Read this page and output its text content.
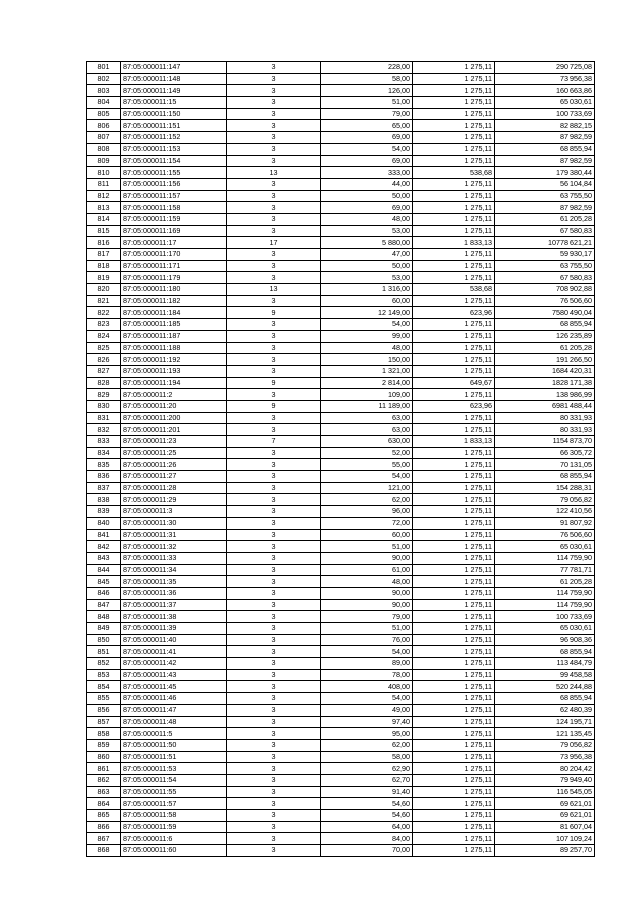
801	87:05:000011:147	3	228,00	1 275,11	290 725,08
802	87:05:000011:148	3	58,00	1 275,11	73 956,38
803	87:05:000011:149	3	126,00	1 275,11	160 663,86
804	87:05:000011:15	3	51,00	1 275,11	65 030,61
805	87:05:000011:150	3	79,00	1 275,11	100 733,69
806	87:05:000011:151	3	65,00	1 275,11	82 882,15
807	87:05:000011:152	3	69,00	1 275,11	87 982,59
808	87:05:000011:153	3	54,00	1 275,11	68 855,94
809	87:05:000011:154	3	69,00	1 275,11	87 982,59
810	87:05:000011:155	13	333,00	538,68	179 380,44
811	87:05:000011:156	3	44,00	1 275,11	56 104,84
812	87:05:000011:157	3	50,00	1 275,11	63 755,50
813	87:05:000011:158	3	69,00	1 275,11	87 982,59
814	87:05:000011:159	3	48,00	1 275,11	61 205,28
815	87:05:000011:169	3	53,00	1 275,11	67 580,83
816	87:05:000011:17	17	5 880,00	1 833,13	10778 621,21
817	87:05:000011:170	3	47,00	1 275,11	59 930,17
818	87:05:000011:171	3	50,00	1 275,11	63 755,50
819	87:05:000011:179	3	53,00	1 275,11	67 580,83
820	87:05:000011:180	13	1 316,00	538,68	708 902,88
821	87:05:000011:182	3	60,00	1 275,11	76 506,60
822	87:05:000011:184	9	12 149,00	623,96	7580 490,04
823	87:05:000011:185	3	54,00	1 275,11	68 855,94
824	87:05:000011:187	3	99,00	1 275,11	126 235,89
825	87:05:000011:188	3	48,00	1 275,11	61 205,28
826	87:05:000011:192	3	150,00	1 275,11	191 266,50
827	87:05:000011:193	3	1 321,00	1 275,11	1684 420,31
828	87:05:000011:194	9	2 814,00	649,67	1828 171,38
829	87:05:000011:2	3	109,00	1 275,11	138 986,99
830	87:05:000011:20	9	11 189,00	623,96	6981 488,44
831	87:05:000011:200	3	63,00	1 275,11	80 331,93
832	87:05:000011:201	3	63,00	1 275,11	80 331,93
833	87:05:000011:23	7	630,00	1 833,13	1154 873,70
834	87:05:000011:25	3	52,00	1 275,11	66 305,72
835	87:05:000011:26	3	55,00	1 275,11	70 131,05
836	87:05:000011:27	3	54,00	1 275,11	68 855,94
837	87:05:000011:28	3	121,00	1 275,11	154 288,31
838	87:05:000011:29	3	62,00	1 275,11	79 056,82
839	87:05:000011:3	3	96,00	1 275,11	122 410,56
840	87:05:000011:30	3	72,00	1 275,11	91 807,92
841	87:05:000011:31	3	60,00	1 275,11	76 506,60
842	87:05:000011:32	3	51,00	1 275,11	65 030,61
843	87:05:000011:33	3	90,00	1 275,11	114 759,90
844	87:05:000011:34	3	61,00	1 275,11	77 781,71
845	87:05:000011:35	3	48,00	1 275,11	61 205,28
846	87:05:000011:36	3	90,00	1 275,11	114 759,90
847	87:05:000011:37	3	90,00	1 275,11	114 759,90
848	87:05:000011:38	3	79,00	1 275,11	100 733,69
849	87:05:000011:39	3	51,00	1 275,11	65 030,61
850	87:05:000011:40	3	76,00	1 275,11	96 908,36
851	87:05:000011:41	3	54,00	1 275,11	68 855,94
852	87:05:000011:42	3	89,00	1 275,11	113 484,79
853	87:05:000011:43	3	78,00	1 275,11	99 458,58
854	87:05:000011:45	3	408,00	1 275,11	520 244,88
855	87:05:000011:46	3	54,00	1 275,11	68 855,94
856	87:05:000011:47	3	49,00	1 275,11	62 480,39
857	87:05:000011:48	3	97,40	1 275,11	124 195,71
858	87:05:000011:5	3	95,00	1 275,11	121 135,45
859	87:05:000011:50	3	62,00	1 275,11	79 056,82
860	87:05:000011:51	3	58,00	1 275,11	73 956,38
861	87:05:000011:53	3	62,90	1 275,11	80 204,42
862	87:05:000011:54	3	62,70	1 275,11	79 949,40
863	87:05:000011:55	3	91,40	1 275,11	116 545,05
864	87:05:000011:57	3	54,60	1 275,11	69 621,01
865	87:05:000011:58	3	54,60	1 275,11	69 621,01
866	87:05:000011:59	3	64,00	1 275,11	81 607,04
867	87:05:000011:6	3	84,00	1 275,11	107 109,24
868	87:05:000011:60	3	70,00	1 275,11	89 257,70
